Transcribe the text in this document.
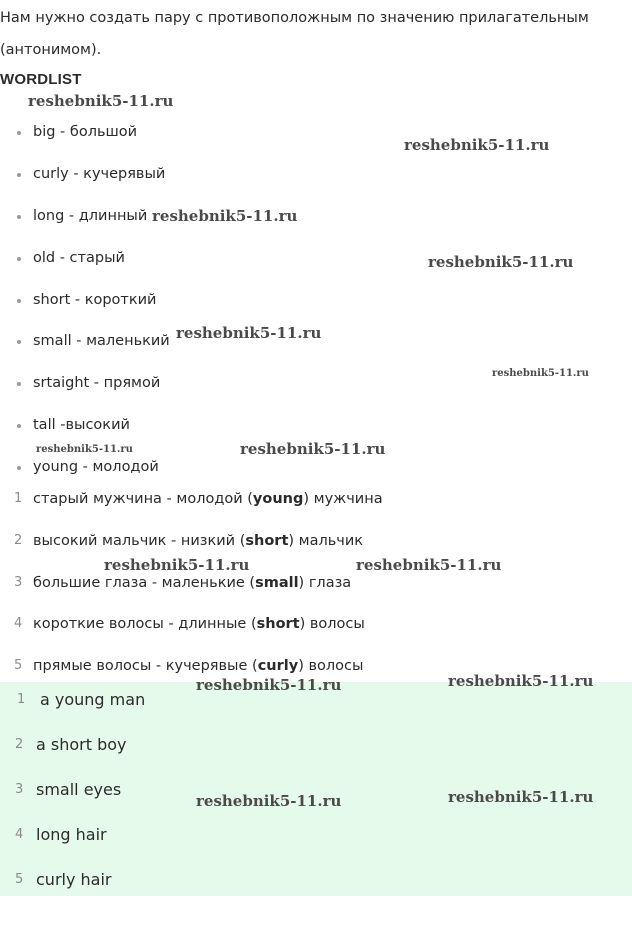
Нам нужно создать пару с противоположным по значению прилагательным
(антонимом).
WORDLIST
big - большой
curly - кучерявый
long - длинный
old - старый
short - короткий
small - маленький
srtaight - прямой
tall -высокий
young - молодой
1 старый мужчина - молодой (young) мужчина
2 высокий мальчик - низкий (short) мальчик
3 большие глаза - маленькие (small) глаза
4 короткие волосы - длинные (short) волосы
5 прямые волосы - кучерявые (curly) волосы
1 a young man
2 a short boy
3 small eyes
4 long hair
5 curly hair
reshebnik5-11.ru
reshebnik5-11.ru
reshebnik5-11.ru
reshebnik5-11.ru
reshebnik5-11.ru
reshebnik5-11.ru
reshebnik5-11.ru	reshebnik5-11.ru
reshebnik5-11.ru	reshebnik5-11.ru
reshebnik5-11.ru	reshebnik5-11.ru
reshebnik5-11.ru	reshebnik5-11.ru
